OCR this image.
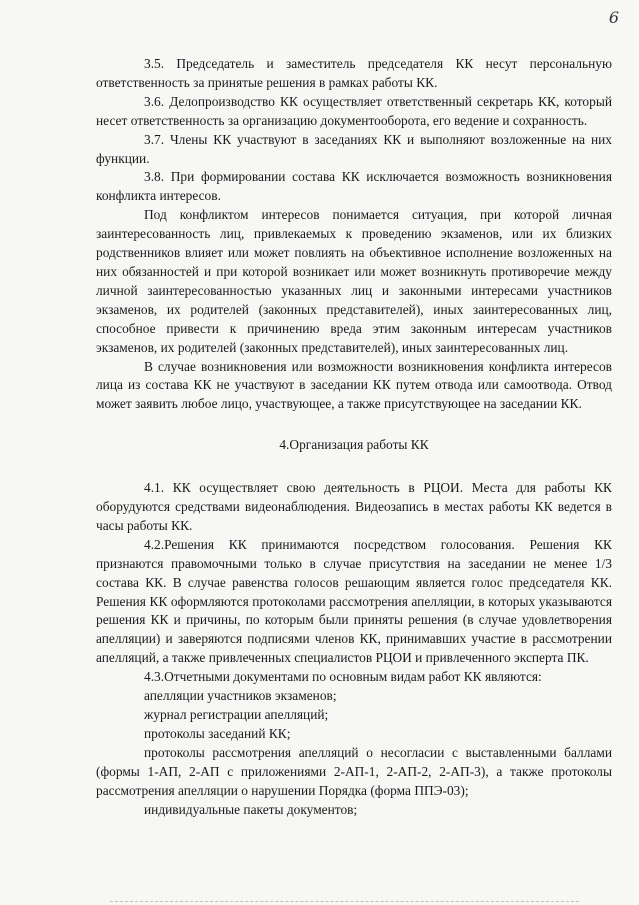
6

3.5. Председатель и заместитель председателя КК несут персональную ответственность за принятые решения в рамках работы КК.

3.6. Делопроизводство КК осуществляет ответственный секретарь КК, который несет ответственность за организацию документооборота, его ведение и сохранность.

3.7. Члены КК участвуют в заседаниях КК и выполняют возложенные на них функции.

3.8. При формировании состава КК исключается возможность возникновения конфликта интересов.

Под конфликтом интересов понимается ситуация, при которой личная заинтересованность лиц, привлекаемых к проведению экзаменов, или их близких родственников влияет или может повлиять на объективное исполнение возложенных на них обязанностей и при которой возникает или может возникнуть противоречие между личной заинтересованностью указанных лиц и законными интересами участников экзаменов, их родителей (законных представителей), иных заинтересованных лиц, способное привести к причинению вреда этим законным интересам участников экзаменов, их родителей (законных представителей), иных заинтересованных лиц.

В случае возникновения или возможности возникновения конфликта интересов лица из состава КК не участвуют в заседании КК путем отвода или самоотвода. Отвод может заявить любое лицо, участвующее, а также присутствующее на заседании КК.

4.Организация работы КК

4.1. КК осуществляет свою деятельность в РЦОИ. Места для работы КК оборудуются средствами видеонаблюдения. Видеозапись в местах работы КК ведется в часы работы КК.

4.2.Решения КК принимаются посредством голосования. Решения КК признаются правомочными только в случае присутствия на заседании не менее 1/3 состава КК. В случае равенства голосов решающим является голос председателя КК. Решения КК оформляются протоколами рассмотрения апелляции, в которых указываются решения КК и причины, по которым были приняты решения (в случае удовлетворения апелляции) и заверяются подписями членов КК, принимавших участие в рассмотрении апелляций, а также привлеченных специалистов РЦОИ и привлеченного эксперта ПК.

4.3.Отчетными документами по основным видам работ КК являются:

апелляции участников экзаменов;

журнал регистрации апелляций;

протоколы заседаний КК;

протоколы рассмотрения апелляций о несогласии с выставленными баллами (формы 1-АП, 2-АП с приложениями 2-АП-1, 2-АП-2, 2-АП-3), а также протоколы рассмотрения апелляции о нарушении Порядка (форма ППЭ-03);

индивидуальные пакеты документов;
